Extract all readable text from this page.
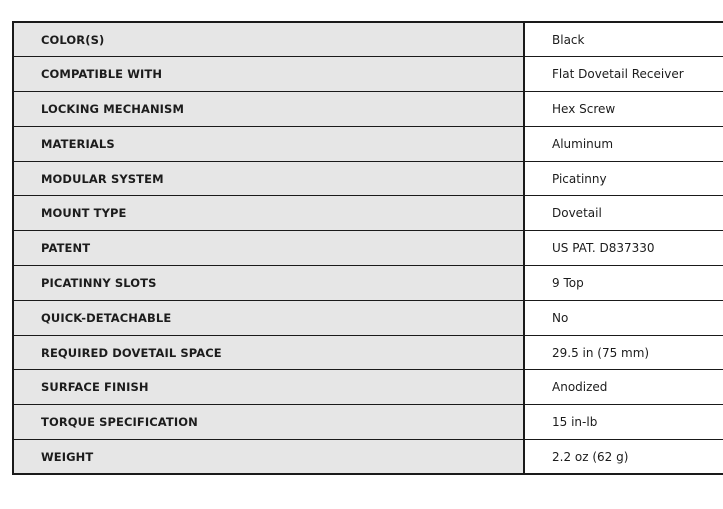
COLOR(S)	Black
COMPATIBLE WITH	Flat Dovetail Receiver
LOCKING MECHANISM	Hex Screw
MATERIALS	Aluminum
MODULAR SYSTEM	Picatinny
MOUNT TYPE	Dovetail
PATENT	US PAT. D837330
PICATINNY SLOTS	9 Top
QUICK-DETACHABLE	No
REQUIRED DOVETAIL SPACE	29.5 in (75 mm)
SURFACE FINISH	Anodized
TORQUE SPECIFICATION	15 in-lb
WEIGHT	2.2 oz (62 g)
